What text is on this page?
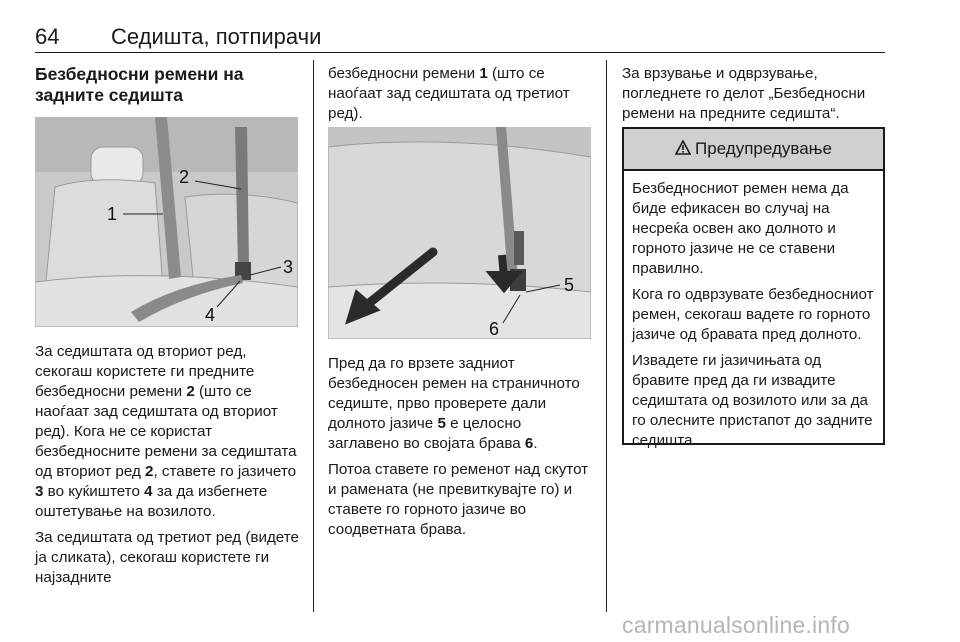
64 Седишта, потпирачи
Безбедносни ремени на
задните седишта
1
2
3
4

За седиштата од вториот ред, секогаш користете ги предните безбедносни ремени 2 (што се наоѓаат зад седиштата од вториот ред). Кога не се користат безбедносните ремени за седиштата од вториот ред 2, ставете го јазичето 3 во куќиштето 4 за да избегнете оштетување на возилото.

За седиштата од третиот ред (видете ја сликата), секогаш користете ги најзадните

безбедносни ремени 1 (што се наоѓаат зад седиштата од третиот ред).

5
6

Пред да го врзете задниот безбедносен ремен на страничното седиште, прво проверете дали долното јазиче 5 е целосно заглавено во својата брава 6.

Потоа ставете го ременот над скутот и рамената (не превиткувајте го) и ставете го горното јазиче во соодветната брава.

За врзување и одврзување, погледнете го делот „Безбедносни ремени на предните седишта“.

Предупредување

Безбедносниот ремен нема да биде ефикасен во случај на несреќа освен ако долното и горното јазиче не се ставени правилно.

Кога го одврзувате безбедносниот ремен, секогаш вадете го горното јазиче од бравата пред долното.

Извадете ги јазичињата од бравите пред да ги извадите седиштата од возилото или за да го олесните пристапот до задните седишта.

carmanualsonline.info
